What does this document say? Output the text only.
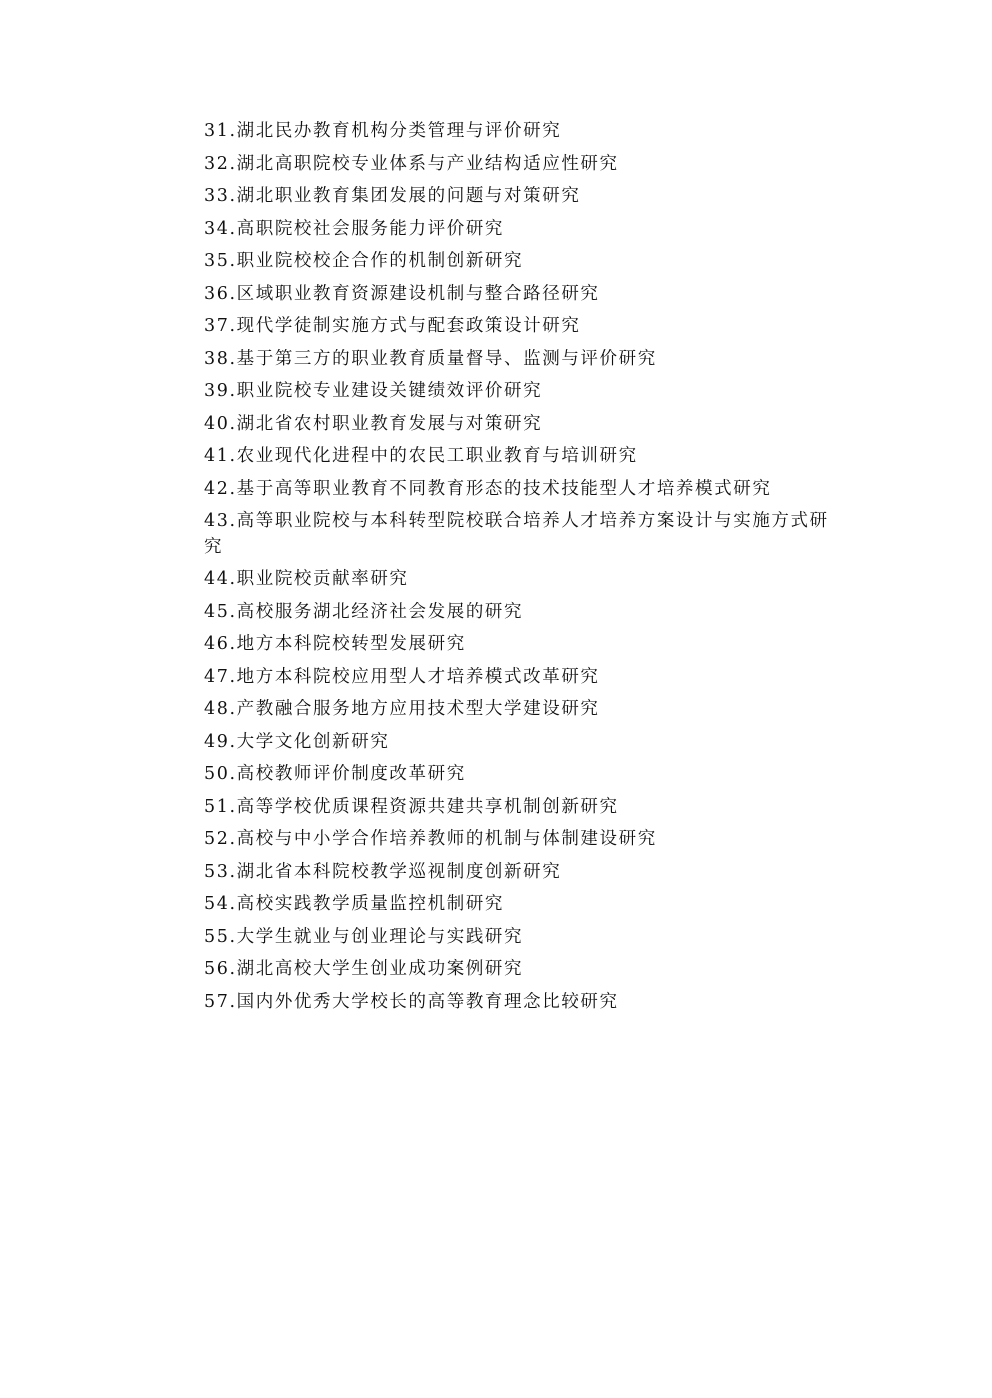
31.湖北民办教育机构分类管理与评价研究
32.湖北高职院校专业体系与产业结构适应性研究
33.湖北职业教育集团发展的问题与对策研究
34.高职院校社会服务能力评价研究
35.职业院校校企合作的机制创新研究
36.区域职业教育资源建设机制与整合路径研究
37.现代学徒制实施方式与配套政策设计研究
38.基于第三方的职业教育质量督导、监测与评价研究
39.职业院校专业建设关键绩效评价研究
40.湖北省农村职业教育发展与对策研究
41.农业现代化进程中的农民工职业教育与培训研究
42.基于高等职业教育不同教育形态的技术技能型人才培养模式研究
43.高等职业院校与本科转型院校联合培养人才培养方案设计与实施方式研究
44.职业院校贡献率研究
45.高校服务湖北经济社会发展的研究
46.地方本科院校转型发展研究
47.地方本科院校应用型人才培养模式改革研究
48.产教融合服务地方应用技术型大学建设研究
49.大学文化创新研究
50.高校教师评价制度改革研究
51.高等学校优质课程资源共建共享机制创新研究
52.高校与中小学合作培养教师的机制与体制建设研究
53.湖北省本科院校教学巡视制度创新研究
54.高校实践教学质量监控机制研究
55.大学生就业与创业理论与实践研究
56.湖北高校大学生创业成功案例研究
57.国内外优秀大学校长的高等教育理念比较研究
